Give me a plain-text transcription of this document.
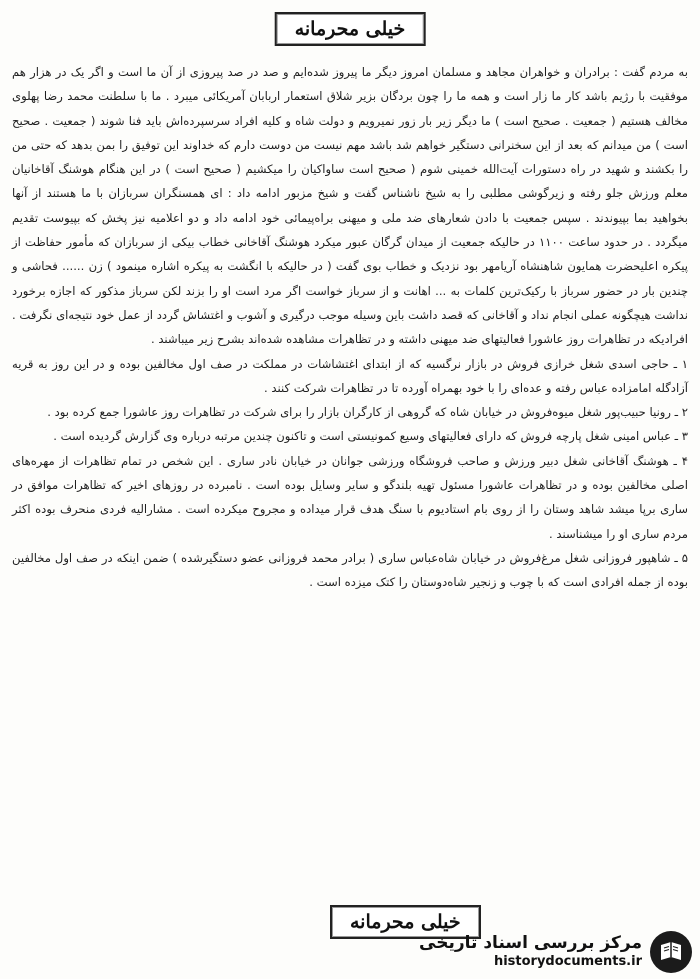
خیلی محرمانه

به مردم گفت : برادران و خواهران مجاهد و مسلمان امروز دیگر ما پیروز شده‌ایم و صد در صد پیروزی از آن ما است و اگر یک در هزار هم موفقیت با رژیم باشد کار ما زار است و همه ما را چون بردگان بزیر شلاق استعمار اربابان آمریکائی میبرد . ما با سلطنت محمد رضا پهلوی مخالف هستیم ( جمعیت . صحیح است ) ما دیگر زیر بار زور نمیرویم و دولت شاه و کلیه افراد سرسپرده‌اش باید فنا شوند ( جمعیت . صحیح است ) من میدانم که بعد از این سخنرانی دستگیر خواهم شد باشد مهم نیست من دوست دارم که خداوند این توفیق را بمن بدهد که حتی من را بکشند و شهید در راه دستورات آیت‌الله خمینی شوم ( صحیح است ساواکیان را میکشیم ( صحیح است ) در این هنگام هوشنگ آقاخانیان معلم ورزش جلو رفته و زیرگوشی مطلبی را به شیخ ناشناس گفت و شیخ مزبور ادامه داد : ای همسنگران سربازان با ما هستند از آنها بخواهید بما بپیوندند . سپس جمعیت با دادن شعارهای ضد ملی و میهنی براه‌پیمائی خود ادامه داد و دو اعلامیه نیز پخش که بپیوست تقدیم میگردد . در حدود ساعت ۱۱۰۰ در حالیکه جمعیت از میدان گرگان عبور میکرد هوشنگ آقاخانی خطاب بیکی از سربازان که مأمور حفاظت از پیکره اعلیحضرت همایون شاهنشاه آریامهر بود نزدیک و خطاب بوی گفت ( در حالیکه با انگشت به پیکره اشاره مینمود ) زن ...... فحاشی و چندین بار در حضور سرباز با رکیک‌ترین کلمات به ... اهانت و از سرباز خواست اگر مرد است او را بزند لکن سرباز مذکور که اجازه برخورد نداشت هیچگونه عملی انجام نداد و آقاخانی که قصد داشت باین وسیله موجب درگیری و آشوب و اغتشاش گردد از عمل خود نتیجه‌ای نگرفت . افرادیکه در تظاهرات روز عاشورا فعالیتهای ضد میهنی داشته و در تظاهرات مشاهده شده‌اند بشرح زیر میباشند .

۱ ـ حاجی اسدی شغل خرازی فروش در بازار نرگسیه که از ابتدای اغتشاشات در مملکت در صف اول مخالفین بوده و در این روز به قریه آزادگله امامزاده عباس رفته و عده‌ای را با خود بهمراه آورده تا در تظاهرات شرکت کنند .

۲ ـ رونیا حبیب‌پور شغل میوه‌فروش در خیابان شاه که گروهی از کارگران بازار را برای شرکت در تظاهرات روز عاشورا جمع کرده بود .

۳ ـ عباس امینی شغل پارچه فروش که دارای فعالیتهای وسیع کمونیستی است و تاکنون چندین مرتبه درباره وی گزارش گردیده است .

۴ ـ هوشنگ آقاخانی شغل دبیر ورزش و صاحب فروشگاه ورزشی جوانان در خیابان نادر ساری . این شخص در تمام تظاهرات از مهره‌های اصلی مخالفین بوده و در تظاهرات عاشورا مسئول تهیه بلندگو و سایر وسایل بوده است . نامبرده در روزهای اخیر که تظاهرات موافق در ساری برپا میشد شاهد وستان را از روی بام استادیوم با سنگ هدف قرار میداده و مجروح میکرده است . مشارالیه فردی منحرف بوده اکثر مردم ساری او را میشناسند .

۵ ـ شاهپور فروزانی شغل مرغ‌فروش در خیابان شاه‌عباس ساری ( برادر محمد فروزانی عضو دستگیرشده ) ضمن اینکه در صف اول مخالفین بوده از جمله افرادی است که با چوب و زنجیر شاه‌دوستان را کتک میزده است .

خیلی محرمانه
مرکز بررسی اسناد تاریخی
historydocuments.ir
